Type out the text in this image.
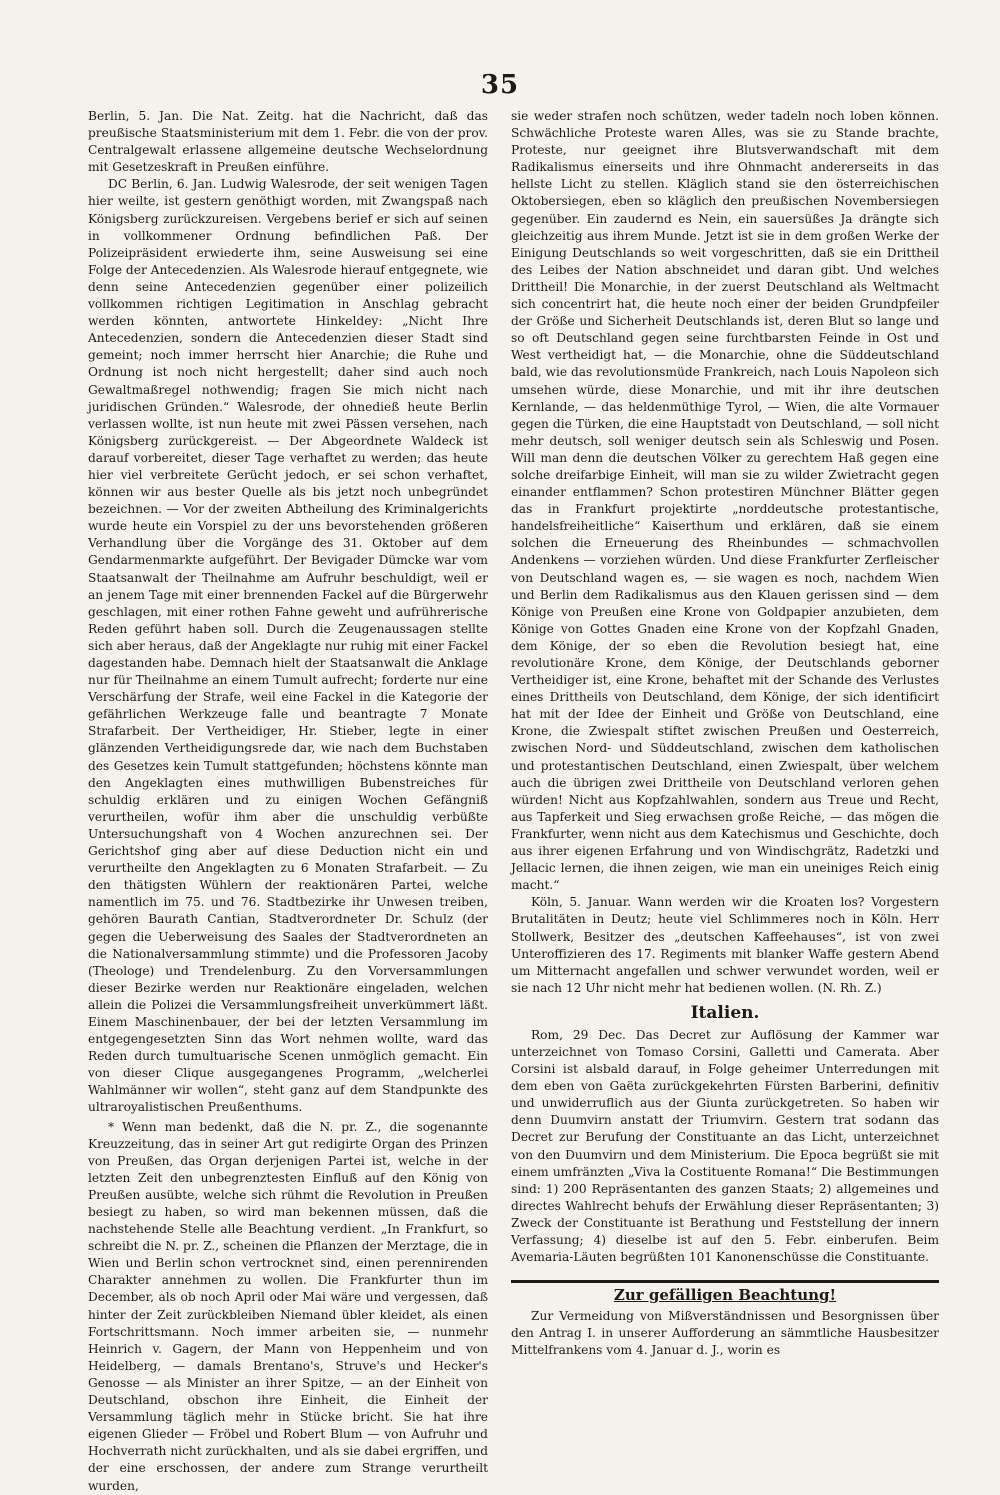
35

Berlin, 5. Jan. Die Nat. Zeitg. hat die Nachricht, daß das preußische Staatsministerium mit dem 1. Febr. die von der prov. Centralgewalt erlassene allgemeine deutsche Wechselordnung mit Gesetzeskraft in Preußen einführe.

DC Berlin, 6. Jan. Ludwig Walesrode, der seit wenigen Tagen hier weilte, ist gestern genöthigt worden, mit Zwangspaß nach Königsberg zurückzureisen. Vergebens berief er sich auf seinen in vollkommener Ordnung befindlichen Paß. Der Polizeipräsident erwiederte ihm, seine Ausweisung sei eine Folge der Antecedenzien. Als Walesrode hierauf entgegnete, wie denn seine Antecedenzien gegenüber einer polizeilich vollkommen richtigen Legitimation in Anschlag gebracht werden könnten, antwortete Hinkeldey: „Nicht Ihre Antecedenzien, sondern die Antecedenzien dieser Stadt sind gemeint; noch immer herrscht hier Anarchie; die Ruhe und Ordnung ist noch nicht hergestellt; daher sind auch noch Gewaltmaßregel nothwendig; fragen Sie mich nicht nach juridischen Gründen.“ Walesrode, der ohnedieß heute Berlin verlassen wollte, ist nun heute mit zwei Pässen versehen, nach Königsberg zurückgereist. — Der Abgeordnete Waldeck ist darauf vorbereitet, dieser Tage verhaftet zu werden; das heute hier viel verbreitete Gerücht jedoch, er sei schon verhaftet, können wir aus bester Quelle als bis jetzt noch unbegründet bezeichnen. — Vor der zweiten Abtheilung des Kriminalgerichts wurde heute ein Vorspiel zu der uns bevorstehenden größeren Verhandlung über die Vorgänge des 31. Oktober auf dem Gendarmenmarkte aufgeführt. Der Bevigader Dümcke war vom Staatsanwalt der Theilnahme am Aufruhr beschuldigt, weil er an jenem Tage mit einer brennenden Fackel auf die Bürgerwehr geschlagen, mit einer rothen Fahne geweht und aufrührerische Reden geführt haben soll. Durch die Zeugenaussagen stellte sich aber heraus, daß der Angeklagte nur ruhig mit einer Fackel dagestanden habe. Demnach hielt der Staatsanwalt die Anklage nur für Theilnahme an einem Tumult aufrecht; forderte nur eine Verschärfung der Strafe, weil eine Fackel in die Kategorie der gefährlichen Werkzeuge falle und beantragte 7 Monate Strafarbeit. Der Vertheidiger, Hr. Stieber, legte in einer glänzenden Vertheidigungsrede dar, wie nach dem Buchstaben des Gesetzes kein Tumult stattgefunden; höchstens könnte man den Angeklagten eines muthwilligen Bubenstreiches für schuldig erklären und zu einigen Wochen Gefängniß verurtheilen, wofür ihm aber die unschuldig verbüßte Untersuchungshaft von 4 Wochen anzurechnen sei. Der Gerichtshof ging aber auf diese Deduction nicht ein und verurtheilte den Angeklagten zu 6 Monaten Strafarbeit. — Zu den thätigsten Wühlern der reaktionären Partei, welche namentlich im 75. und 76. Stadtbezirke ihr Unwesen treiben, gehören Baurath Cantian, Stadtverordneter Dr. Schulz (der gegen die Ueberweisung des Saales der Stadtverordneten an die Nationalversammlung stimmte) und die Professoren Jacoby (Theologe) und Trendelenburg. Zu den Vorversammlungen dieser Bezirke werden nur Reaktionäre eingeladen, welchen allein die Polizei die Versammlungsfreiheit unverkümmert läßt. Einem Maschinenbauer, der bei der letzten Versammlung im entgegengesetzten Sinn das Wort nehmen wollte, ward das Reden durch tumultuarische Scenen unmöglich gemacht. Ein von dieser Clique ausgegangenes Programm, „welcherlei Wahlmänner wir wollen“, steht ganz auf dem Standpunkte des ultraroyalistischen Preußenthums.

* Wenn man bedenkt, daß die N. pr. Z., die sogenannte Kreuzzeitung, das in seiner Art gut redigirte Organ des Prinzen von Preußen, das Organ derjenigen Partei ist, welche in der letzten Zeit den unbegrenztesten Einfluß auf den König von Preußen ausübte, welche sich rühmt die Revolution in Preußen besiegt zu haben, so wird man bekennen müssen, daß die nachstehende Stelle alle Beachtung verdient. „In Frankfurt, so schreibt die N. pr. Z., scheinen die Pflanzen der Merztage, die in Wien und Berlin schon vertrocknet sind, einen perennirenden Charakter annehmen zu wollen. Die Frankfurter thun im December, als ob noch April oder Mai wäre und vergessen, daß hinter der Zeit zurückbleiben Niemand übler kleidet, als einen Fortschrittsmann. Noch immer arbeiten sie, — nunmehr Heinrich v. Gagern, der Mann von Heppenheim und von Heidelberg, — damals Brentano's, Struve's und Hecker's Genosse — als Minister an ihrer Spitze, — an der Einheit von Deutschland, obschon ihre Einheit, die Einheit der Versammlung täglich mehr in Stücke bricht. Sie hat ihre eigenen Glieder — Fröbel und Robert Blum — von Aufruhr und Hochverrath nicht zurückhalten, und als sie dabei ergriffen, und der eine erschossen, der andere zum Strange verurtheilt wurden,

sie weder strafen noch schützen, weder tadeln noch loben können. Schwächliche Proteste waren Alles, was sie zu Stande brachte, Proteste, nur geeignet ihre Blutsverwandschaft mit dem Radikalismus einerseits und ihre Ohnmacht andererseits in das hellste Licht zu stellen. Kläglich stand sie den österreichischen Oktobersiegen, eben so kläglich den preußischen Novembersiegen gegenüber. Ein zaudernd es Nein, ein sauersüßes Ja drängte sich gleichzeitig aus ihrem Munde. Jetzt ist sie in dem großen Werke der Einigung Deutschlands so weit vorgeschritten, daß sie ein Drittheil des Leibes der Nation abschneidet und daran gibt. Und welches Drittheil! Die Monarchie, in der zuerst Deutschland als Weltmacht sich concentrirt hat, die heute noch einer der beiden Grundpfeiler der Größe und Sicherheit Deutschlands ist, deren Blut so lange und so oft Deutschland gegen seine furchtbarsten Feinde in Ost und West vertheidigt hat, — die Monarchie, ohne die Süddeutschland bald, wie das revolutionsmüde Frankreich, nach Louis Napoleon sich umsehen würde, diese Monarchie, und mit ihr ihre deutschen Kernlande, — das heldenmüthige Tyrol, — Wien, die alte Vormauer gegen die Türken, die eine Hauptstadt von Deutschland, — soll nicht mehr deutsch, soll weniger deutsch sein als Schleswig und Posen. Will man denn die deutschen Völker zu gerechtem Haß gegen eine solche dreifarbige Einheit, will man sie zu wilder Zwietracht gegen einander entflammen? Schon protestiren Münchner Blätter gegen das in Frankfurt projektirte „norddeutsche protestantische, handelsfreiheitliche“ Kaiserthum und erklären, daß sie einem solchen die Erneuerung des Rheinbundes — schmachvollen Andenkens — vorziehen würden. Und diese Frankfurter Zerfleischer von Deutschland wagen es, — sie wagen es noch, nachdem Wien und Berlin dem Radikalismus aus den Klauen gerissen sind — dem Könige von Preußen eine Krone von Goldpapier anzubieten, dem Könige von Gottes Gnaden eine Krone von der Kopfzahl Gnaden, dem Könige, der so eben die Revolution besiegt hat, eine revolutionäre Krone, dem Könige, der Deutschlands geborner Vertheidiger ist, eine Krone, behaftet mit der Schande des Verlustes eines Drittheils von Deutschland, dem Könige, der sich identificirt hat mit der Idee der Einheit und Größe von Deutschland, eine Krone, die Zwiespalt stiftet zwischen Preußen und Oesterreich, zwischen Nord- und Süddeutschland, zwischen dem katholischen und protestantischen Deutschland, einen Zwiespalt, über welchem auch die übrigen zwei Drittheile von Deutschland verloren gehen würden! Nicht aus Kopfzahlwahlen, sondern aus Treue und Recht, aus Tapferkeit und Sieg erwachsen große Reiche, — das mögen die Frankfurter, wenn nicht aus dem Katechismus und Geschichte, doch aus ihrer eigenen Erfahrung und von Windischgrätz, Radetzki und Jellacic lernen, die ihnen zeigen, wie man ein uneiniges Reich einig macht.“

Köln, 5. Januar. Wann werden wir die Kroaten los? Vorgestern Brutalitäten in Deutz; heute viel Schlimmeres noch in Köln. Herr Stollwerk, Besitzer des „deutschen Kaffeehauses“, ist von zwei Unteroffizieren des 17. Regiments mit blanker Waffe gestern Abend um Mitternacht angefallen und schwer verwundet worden, weil er sie nach 12 Uhr nicht mehr hat bedienen wollen. (N. Rh. Z.)

Italien.

Rom, 29 Dec. Das Decret zur Auflösung der Kammer war unterzeichnet von Tomaso Corsini, Galletti und Camerata. Aber Corsini ist alsbald darauf, in Folge geheimer Unterredungen mit dem eben von Gaëta zurückgekehrten Fürsten Barberini, definitiv und unwiderruflich aus der Giunta zurückgetreten. So haben wir denn Duumvirn anstatt der Triumvirn. Gestern trat sodann das Decret zur Berufung der Constituante an das Licht, unterzeichnet von den Duumvirn und dem Ministerium. Die Epoca begrüßt sie mit einem umfränzten „Viva la Costituente Romana!“ Die Bestimmungen sind: 1) 200 Repräsentanten des ganzen Staats; 2) allgemeines und directes Wahlrecht behufs der Erwählung dieser Repräsentanten; 3) Zweck der Constituante ist Berathung und Feststellung der innern Verfassung; 4) dieselbe ist auf den 5. Febr. einberufen. Beim Avemaria-Läuten begrüßten 101 Kanonenschüsse die Constituante.

Zur gefälligen Beachtung!

Zur Vermeidung von Mißverständnissen und Besorgnissen über den Antrag I. in unserer Aufforderung an sämmtliche Hausbesitzer Mittelfrankens vom 4. Januar d. J., worin es
